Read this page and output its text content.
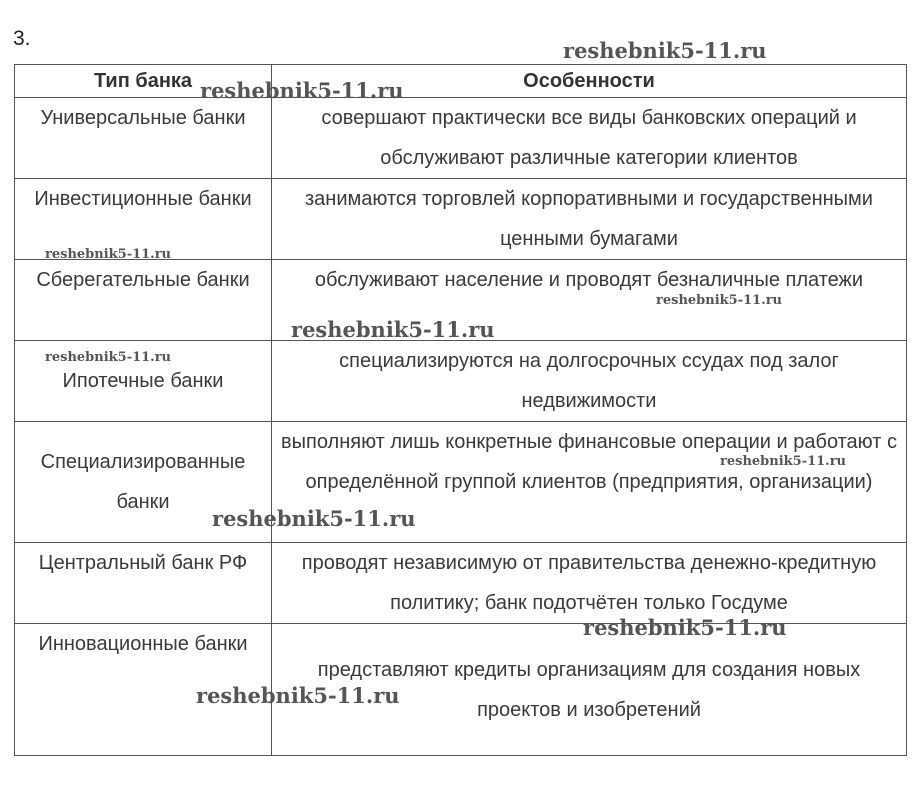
3.
Тип банка	Особенности
Универсальные банки	совершают практически все виды банковских операций и обслуживают различные категории клиентов
Инвестиционные банки	занимаются торговлей корпоративными и государственными ценными бумагами
Сберегательные банки	обслуживают население и проводят безналичные платежи
Ипотечные банки	специализируются на долгосрочных ссудах под залог недвижимости
Специализированные банки	выполняют лишь конкретные финансовые операции и работают с определённой группой клиентов (предприятия, организации)
Центральный банк РФ	проводят независимую от правительства денежно-кредитную политику; банк подотчётен только Госдуме
Инновационные банки	представляют кредиты организациям для создания новых проектов и изобретений
reshebnik5-11.ru
reshebnik5-11.ru
reshebnik5-11.ru
reshebnik5-11.ru
reshebnik5-11.ru
reshebnik5-11.ru
reshebnik5-11.ru
reshebnik5-11.ru
reshebnik5-11.ru
reshebnik5-11.ru
